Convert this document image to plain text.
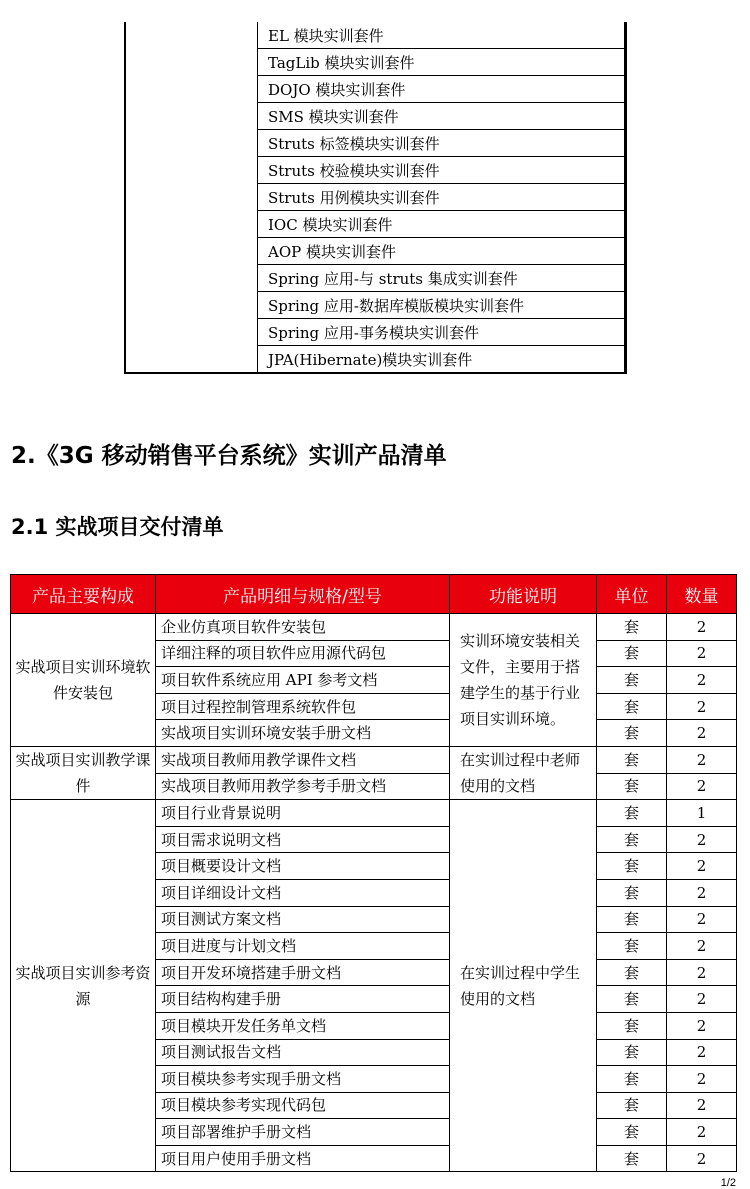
	EL 模块实训套件	
TagLib 模块实训套件
DOJO 模块实训套件
SMS 模块实训套件
Struts 标签模块实训套件
Struts 校验模块实训套件
Struts 用例模块实训套件
IOC 模块实训套件
AOP 模块实训套件
Spring 应用-与 struts 集成实训套件
Spring 应用-数据库模版模块实训套件
Spring 应用-事务模块实训套件
JPA(Hibernate)模块实训套件
2.《3G 移动销售平台系统》实训产品清单
2.1 实战项目交付清单
产品主要构成	产品明细与规格/型号	功能说明	单位	数量
实战项目实训环境软件安装包	企业仿真项目软件安装包	实训环境安装相关文件，主要用于搭建学生的基于行业项目实训环境。	套	2
	详细注释的项目软件应用源代码包		套	2
	项目软件系统应用 API 参考文档		套	2
	项目过程控制管理系统软件包		套	2
	实战项目实训环境安装手册文档		套	2
实战项目实训教学课件	实战项目教师用教学课件文档	在实训过程中老师使用的文档	套	2
	实战项目教师用教学参考手册文档		套	2
实战项目实训参考资源	项目行业背景说明	在实训过程中学生使用的文档	套	1
	项目需求说明文档		套	2
	项目概要设计文档		套	2
	项目详细设计文档		套	2
	项目测试方案文档		套	2
	项目进度与计划文档		套	2
	项目开发环境搭建手册文档		套	2
	项目结构构建手册		套	2
	项目模块开发任务单文档		套	2
	项目测试报告文档		套	2
	项目模块参考实现手册文档		套	2
	项目模块参考实现代码包		套	2
	项目部署维护手册文档		套	2
	项目用户使用手册文档		套	2
1/2
